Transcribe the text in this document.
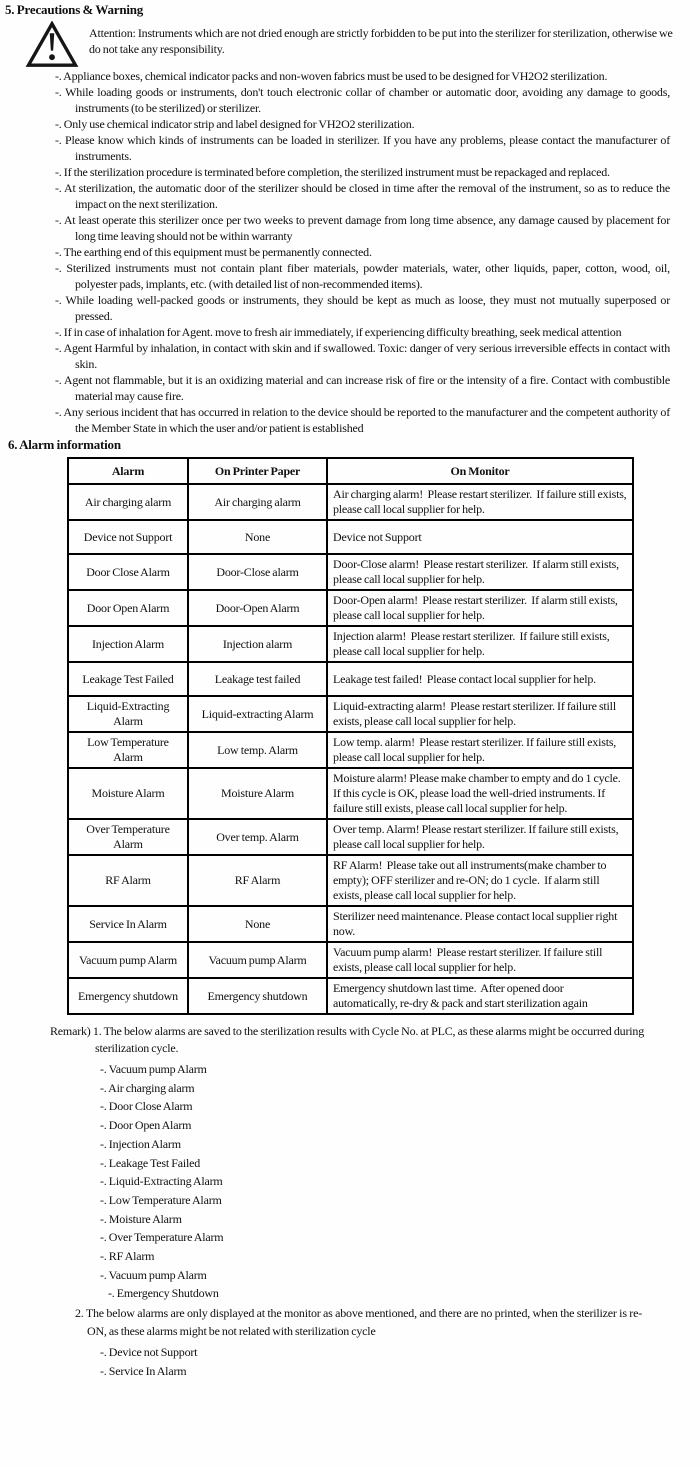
5. Precautions & Warning
Attention: Instruments which are not dried enough are strictly forbidden to be put into the sterilizer for sterilization, otherwise we do not take any responsibility.
-. Appliance boxes, chemical indicator packs and non-woven fabrics must be used to be designed for VH2O2 sterilization.
-. While loading goods or instruments, don't touch electronic collar of chamber or automatic door, avoiding any damage to goods, instruments (to be sterilized) or sterilizer.
-. Only use chemical indicator strip and label designed for VH2O2 sterilization.
-. Please know which kinds of instruments can be loaded in sterilizer. If you have any problems, please contact the manufacturer of instruments.
-. If the sterilization procedure is terminated before completion, the sterilized instrument must be repackaged and replaced.
-. At sterilization, the automatic door of the sterilizer should be closed in time after the removal of the instrument, so as to reduce the impact on the next sterilization.
-. At least operate this sterilizer once per two weeks to prevent damage from long time absence, any damage caused by placement for long time leaving should not be within warranty
-. The earthing end of this equipment must be permanently connected.
-. Sterilized instruments must not contain plant fiber materials, powder materials, water, other liquids, paper, cotton, wood, oil, polyester pads, implants, etc. (with detailed list of non-recommended items).
-. While loading well-packed goods or instruments, they should be kept as much as loose, they must not mutually superposed or pressed.
-. If in case of inhalation for Agent. move to fresh air immediately, if experiencing difficulty breathing, seek medical attention
-. Agent Harmful by inhalation, in contact with skin and if swallowed. Toxic: danger of very serious irreversible effects in contact with skin.
-. Agent not flammable, but it is an oxidizing material and can increase risk of fire or the intensity of a fire. Contact with combustible material may cause fire.
-. Any serious incident that has occurred in relation to the device should be reported to the manufacturer and the competent authority of the Member State in which the user and/or patient is established
6. Alarm information
Alarm	On Printer Paper	On Monitor
Air charging alarm	Air charging alarm	Air charging alarm!  Please restart sterilizer.  If failure still exists, please call local supplier for help.
Device not Support	None	Device not Support
Door Close Alarm	Door-Close alarm	Door-Close alarm!  Please restart sterilizer.  If alarm still exists, please call local supplier for help.
Door Open Alarm	Door-Open Alarm	Door-Open alarm!  Please restart sterilizer.  If alarm still exists, please call local supplier for help.
Injection Alarm	Injection alarm	Injection alarm!  Please restart sterilizer.  If failure still exists, please call local supplier for help.
Leakage Test Failed	Leakage test failed	Leakage test failed!  Please contact local supplier for help.
Liquid-Extracting Alarm	Liquid-extracting Alarm	Liquid-extracting alarm!  Please restart sterilizer. If failure still exists, please call local supplier for help.
Low Temperature Alarm	Low temp. Alarm	Low temp. alarm!  Please restart sterilizer. If failure still exists, please call local supplier for help.
Moisture Alarm	Moisture Alarm	Moisture alarm! Please make chamber to empty and do 1 cycle.  If this cycle is OK, please load the well-dried instruments. If failure still exists, please call local supplier for help.
Over Temperature Alarm	Over temp. Alarm	Over temp. Alarm! Please restart sterilizer. If failure still exists, please call local supplier for help.
RF Alarm	RF Alarm	RF Alarm!  Please take out all instruments(make chamber to empty); OFF sterilizer and re-ON; do 1 cycle.  If alarm still exists, please call local supplier for help.
Service In Alarm	None	Sterilizer need maintenance. Please contact local supplier right now.
Vacuum pump Alarm	Vacuum pump Alarm	Vacuum pump alarm!  Please restart sterilizer. If failure still exists, please call local supplier for help.
Emergency shutdown	Emergency shutdown	Emergency shutdown last time.  After opened door automatically, re-dry & pack and start sterilization again
Remark) 1. The below alarms are saved to the sterilization results with Cycle No. at PLC, as these alarms might be occurred during sterilization cycle.
-. Vacuum pump Alarm
-. Air charging alarm
-. Door Close Alarm
-. Door Open Alarm
-. Injection Alarm
-. Leakage Test Failed
-. Liquid-Extracting Alarm
-. Low Temperature Alarm
-. Moisture Alarm
-. Over Temperature Alarm
-. RF Alarm
-. Vacuum pump Alarm
-. Emergency Shutdown
2. The below alarms are only displayed at the monitor as above mentioned, and there are no printed, when the sterilizer is re-ON, as these alarms might be not related with sterilization cycle
-. Device not Support
-. Service In Alarm
